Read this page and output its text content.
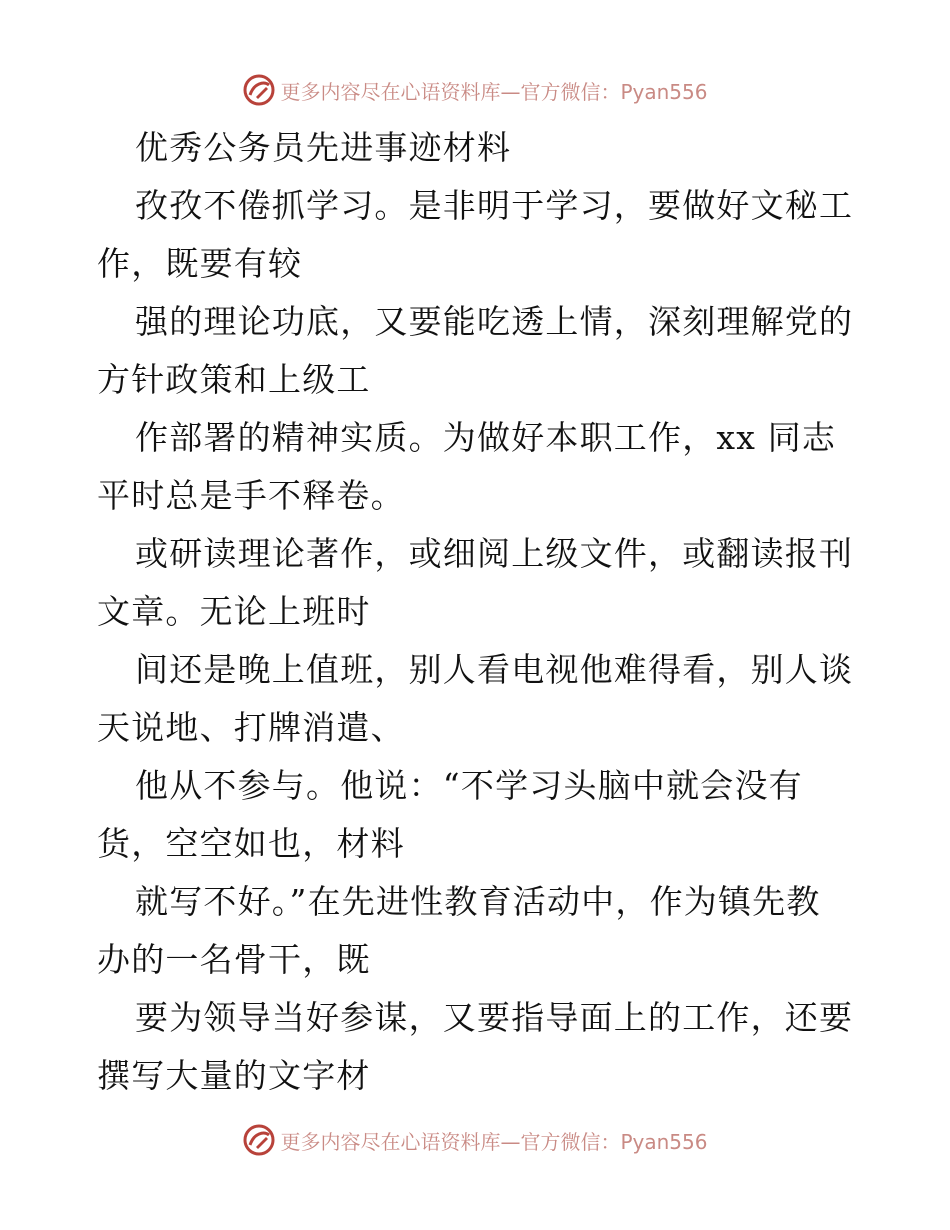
更多内容尽在心语资料库—官方微信：Pyan556
优秀公务员先进事迹材料
孜孜不倦抓学习。是非明于学习，要做好文秘工
作，既要有较
强的理论功底，又要能吃透上情，深刻理解党的
方针政策和上级工
作部署的精神实质。为做好本职工作，xx 同志
平时总是手不释卷。
或研读理论著作，或细阅上级文件，或翻读报刊
文章。无论上班时
间还是晚上值班，别人看电视他难得看，别人谈
天说地、打牌消遣、
他从不参与。他说：“不学习头脑中就会没有
货，空空如也，材料
就写不好。”在先进性教育活动中，作为镇先教
办的一名骨干，既
要为领导当好参谋，又要指导面上的工作，还要
撰写大量的文字材
更多内容尽在心语资料库—官方微信：Pyan556
